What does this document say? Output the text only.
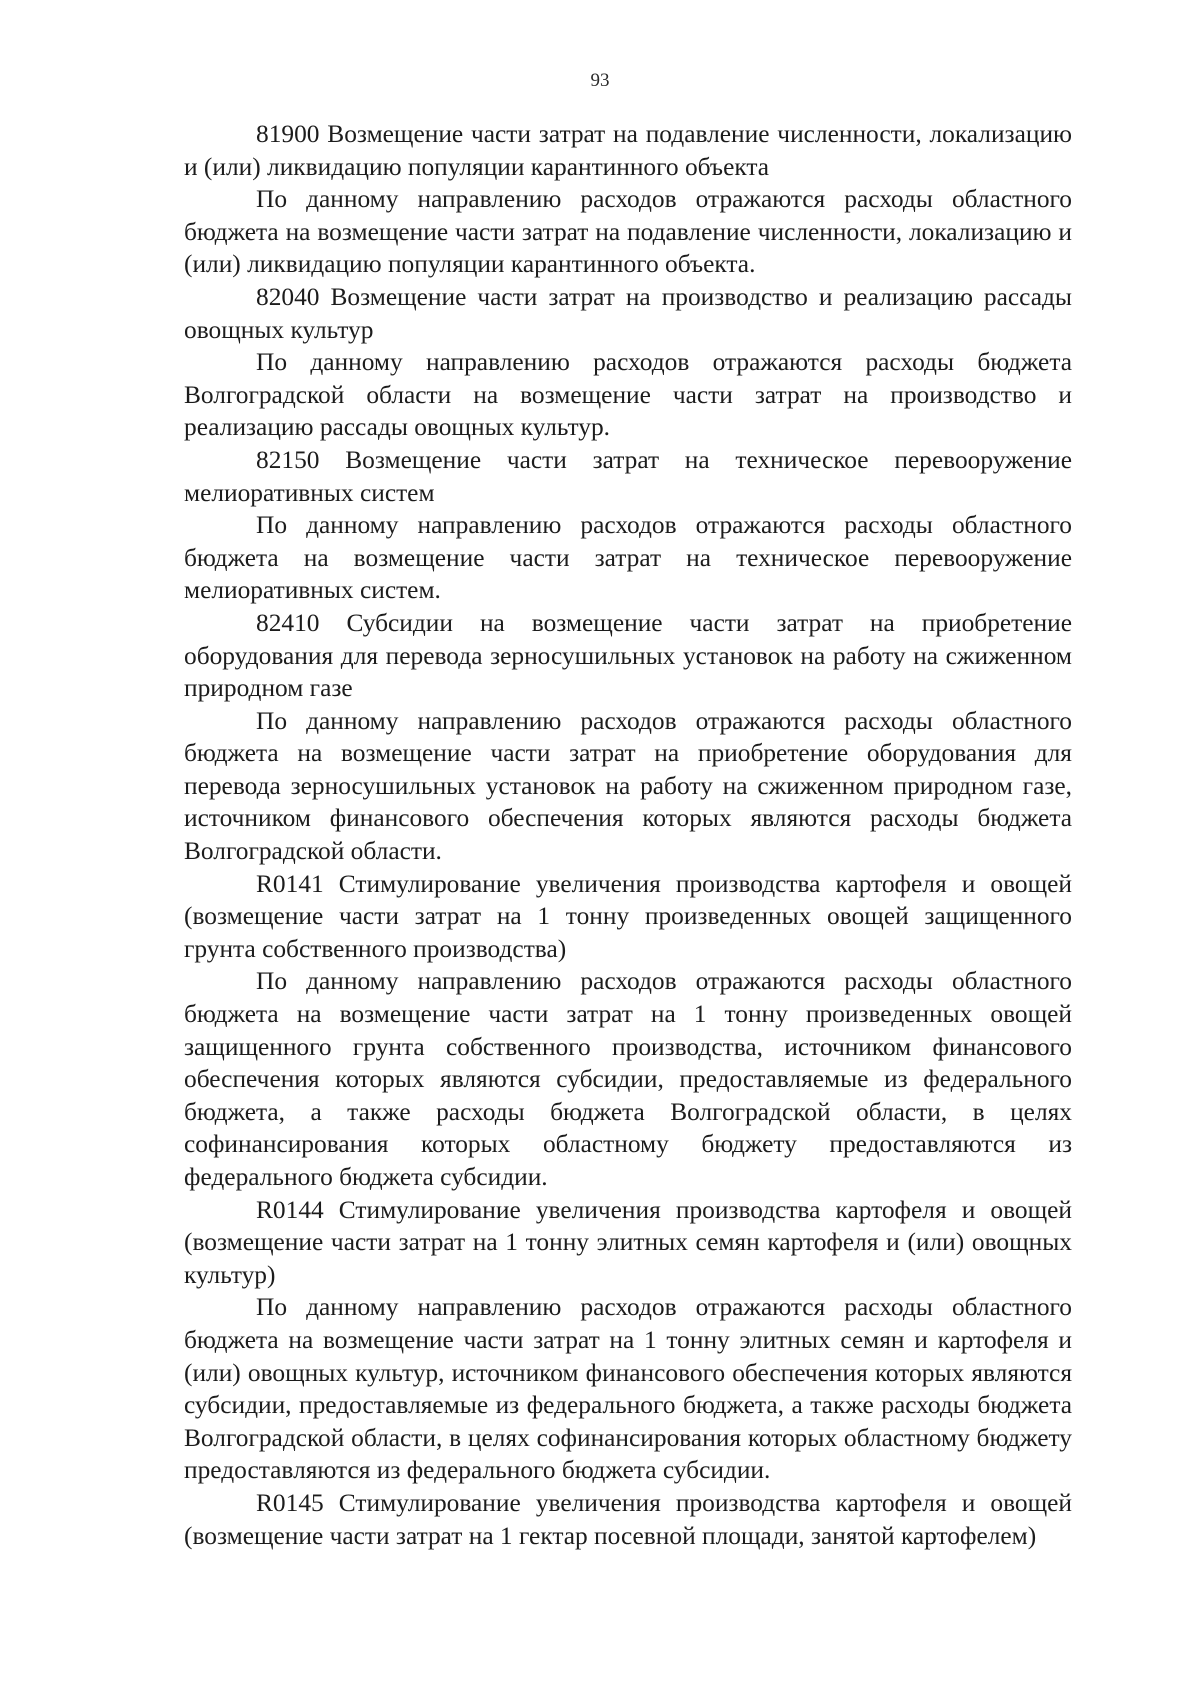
93

81900 Возмещение части затрат на подавление численности, локализацию и (или) ликвидацию популяции карантинного объекта

По данному направлению расходов отражаются расходы областного бюджета на возмещение части затрат на подавление численности, локализацию и (или) ликвидацию популяции карантинного объекта.

82040 Возмещение части затрат на производство и реализацию рассады овощных культур

По данному направлению расходов отражаются расходы бюджета Волгоградской области на возмещение части затрат на производство и реализацию рассады овощных культур.

82150 Возмещение части затрат на техническое перевооружение мелиоративных систем

По данному направлению расходов отражаются расходы областного бюджета на возмещение части затрат на техническое перевооружение мелиоративных систем.

82410 Субсидии на возмещение части затрат на приобретение оборудования для перевода зерносушильных установок на работу на сжиженном природном газе

По данному направлению расходов отражаются расходы областного бюджета на возмещение части затрат на приобретение оборудования для перевода зерносушильных установок на работу на сжиженном природном газе, источником финансового обеспечения которых являются расходы бюджета Волгоградской области.

R0141 Стимулирование увеличения производства картофеля и овощей (возмещение части затрат на 1 тонну произведенных овощей защищенного грунта собственного производства)

По данному направлению расходов отражаются расходы областного бюджета на возмещение части затрат на 1 тонну произведенных овощей защищенного грунта собственного производства, источником финансового обеспечения которых являются субсидии, предоставляемые из федерального бюджета, а также расходы бюджета Волгоградской области, в целях софинансирования которых областному бюджету предоставляются из федерального бюджета субсидии.

R0144 Стимулирование увеличения производства картофеля и овощей (возмещение части затрат на 1 тонну элитных семян картофеля и (или) овощных культур)

По данному направлению расходов отражаются расходы областного бюджета на возмещение части затрат на 1 тонну элитных семян и картофеля и (или) овощных культур, источником финансового обеспечения которых являются субсидии, предоставляемые из федерального бюджета, а также расходы бюджета Волгоградской области, в целях софинансирования которых областному бюджету предоставляются из федерального бюджета субсидии.

R0145 Стимулирование увеличения производства картофеля и овощей (возмещение части затрат на 1 гектар посевной площади, занятой картофелем)
